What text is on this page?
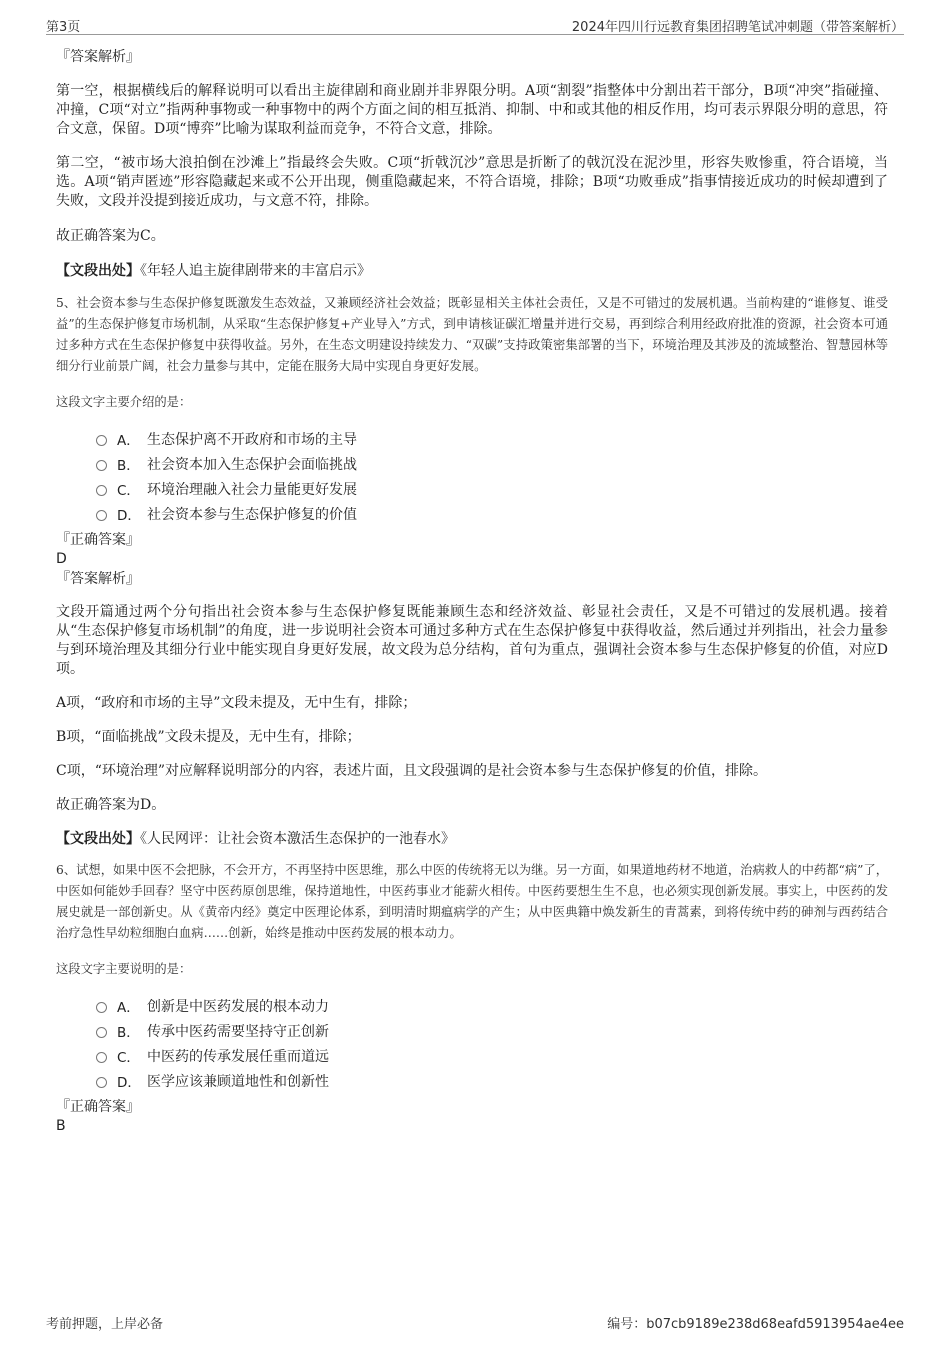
第3页	2024年四川行远教育集团招聘笔试冲刺题（带答案解析）
『答案解析』

第一空，根据横线后的解释说明可以看出主旋律剧和商业剧并非界限分明。A项“割裂”指整体中分割出若干部分，B项“冲突”指碰撞、冲撞，C项“对立”指两种事物或一种事物中的两个方面之间的相互抵消、抑制、中和或其他的相反作用，均可表示界限分明的意思，符合文意，保留。D项“博弈”比喻为谋取利益而竞争，不符合文意，排除。

第二空，“被市场大浪拍倒在沙滩上”指最终会失败。C项“折戟沉沙”意思是折断了的戟沉没在泥沙里，形容失败惨重，符合语境，当选。A项“销声匿迹”形容隐藏起来或不公开出现，侧重隐藏起来，不符合语境，排除；B项“功败垂成”指事情接近成功的时候却遭到了失败，文段并没提到接近成功，与文意不符，排除。

故正确答案为C。

【文段出处】《年轻人追主旋律剧带来的丰富启示》

5、社会资本参与生态保护修复既激发生态效益，又兼顾经济社会效益；既彰显相关主体社会责任，又是不可错过的发展机遇。当前构建的“谁修复、谁受益”的生态保护修复市场机制，从采取“生态保护修复+产业导入”方式，到申请核证碳汇增量并进行交易，再到综合利用经政府批准的资源，社会资本可通过多种方式在生态保护修复中获得收益。另外，在生态文明建设持续发力、“双碳”支持政策密集部署的当下，环境治理及其涉及的流域整治、智慧园林等细分行业前景广阔，社会力量参与其中，定能在服务大局中实现自身更好发展。

这段文字主要介绍的是：
A． 生态保护离不开政府和市场的主导
B． 社会资本加入生态保护会面临挑战
C． 环境治理融入社会力量能更好发展
D． 社会资本参与生态保护修复的价值
『正确答案』
D
『答案解析』

文段开篇通过两个分句指出社会资本参与生态保护修复既能兼顾生态和经济效益、彰显社会责任，又是不可错过的发展机遇。接着从“生态保护修复市场机制”的角度，进一步说明社会资本可通过多种方式在生态保护修复中获得收益，然后通过并列指出，社会力量参与到环境治理及其细分行业中能实现自身更好发展，故文段为总分结构，首句为重点，强调社会资本参与生态保护修复的价值，对应D项。

A项，“政府和市场的主导”文段未提及，无中生有，排除；

B项，“面临挑战”文段未提及，无中生有，排除；

C项，“环境治理”对应解释说明部分的内容，表述片面，且文段强调的是社会资本参与生态保护修复的价值，排除。

故正确答案为D。

【文段出处】《人民网评：让社会资本激活生态保护的一池春水》

6、试想，如果中医不会把脉，不会开方，不再坚持中医思维，那么中医的传统将无以为继。另一方面，如果道地药材不地道，治病救人的中药都“病”了，中医如何能妙手回春？坚守中医药原创思维，保持道地性，中医药事业才能薪火相传。中医药要想生生不息，也必须实现创新发展。事实上，中医药的发展史就是一部创新史。从《黄帝内经》奠定中医理论体系，到明清时期瘟病学的产生；从中医典籍中焕发新生的青蒿素，到将传统中药的砷剂与西药结合治疗急性早幼粒细胞白血病……创新，始终是推动中医药发展的根本动力。

这段文字主要说明的是：
A． 创新是中医药发展的根本动力
B． 传承中医药需要坚持守正创新
C． 中医药的传承发展任重而道远
D． 医学应该兼顾道地性和创新性
『正确答案』
B
考前押题，上岸必备	编号：b07cb9189e238d68eafd5913954ae4ee
